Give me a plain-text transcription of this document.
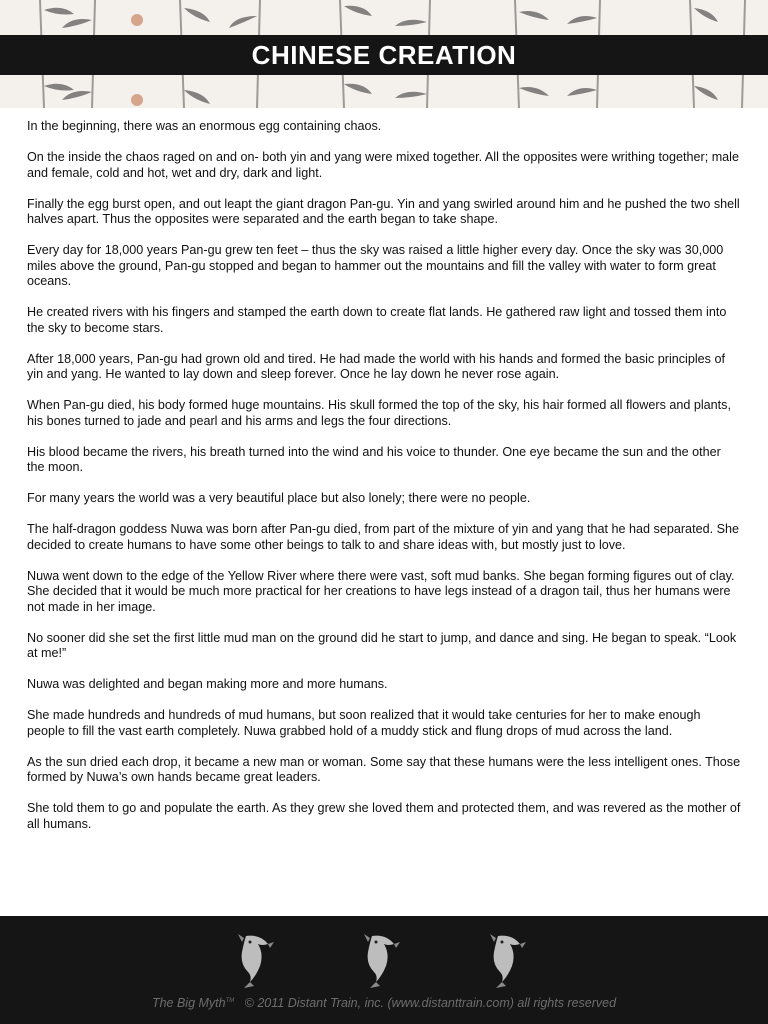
CHINESE CREATION

In the beginning, there was an enormous egg containing chaos.

On the inside the chaos raged on and on- both yin and yang were mixed together. All the opposites were writhing together; male and female, cold and hot, wet and dry, dark and light.

Finally the egg burst open, and out leapt the giant dragon Pan-gu. Yin and yang swirled around him and he pushed the two shell halves apart. Thus the opposites were separated and the earth began to take shape.

Every day for 18,000 years Pan-gu grew ten feet – thus the sky was raised a little higher every day. Once the sky was 30,000 miles above the ground, Pan-gu stopped and began to hammer out the mountains and fill the valley with water to form great oceans.

He created rivers with his fingers and stamped the earth down to create flat lands. He gathered raw light and tossed them into the sky to become stars.

After 18,000 years, Pan-gu had grown old and tired. He had made the world with his hands and formed the basic principles of yin and yang. He wanted to lay down and sleep forever. Once he lay down he never rose again.

When Pan-gu died, his body formed huge mountains. His skull formed the top of the sky, his hair formed all flowers and plants, his bones turned to jade and pearl and his arms and legs the four directions.

His blood became the rivers, his breath turned into the wind and his voice to thunder. One eye became the sun and the other the moon.

For many years the world was a very beautiful place but also lonely; there were no people.

The half-dragon goddess Nuwa was born after Pan-gu died, from part of the mixture of yin and yang that he had separated. She decided to create humans to have some other beings to talk to and share ideas with, but mostly just to love.

Nuwa went down to the edge of the Yellow River where there were vast, soft mud banks. She began forming figures out of clay. She decided that it would be much more practical for her creations to have legs instead of a dragon tail, thus her humans were not made in her image.

No sooner did she set the first little mud man on the ground did he start to jump, and dance and sing. He began to speak. “Look at me!”

Nuwa was delighted and began making more and more humans.

She made hundreds and hundreds of mud humans, but soon realized that it would take centuries for her to make enough people to fill the vast earth completely. Nuwa grabbed hold of a muddy stick and flung drops of mud across the land.

As the sun dried each drop, it became a new man or woman. Some say that these humans were the less intelligent ones. Those formed by Nuwa’s own hands became great leaders.

She told them to go and populate the earth. As they grew she loved them and protected them, and was revered as the mother of all humans.

The Big Myth™ © 2011 Distant Train, inc. (www.distanttrain.com) all rights reserved
